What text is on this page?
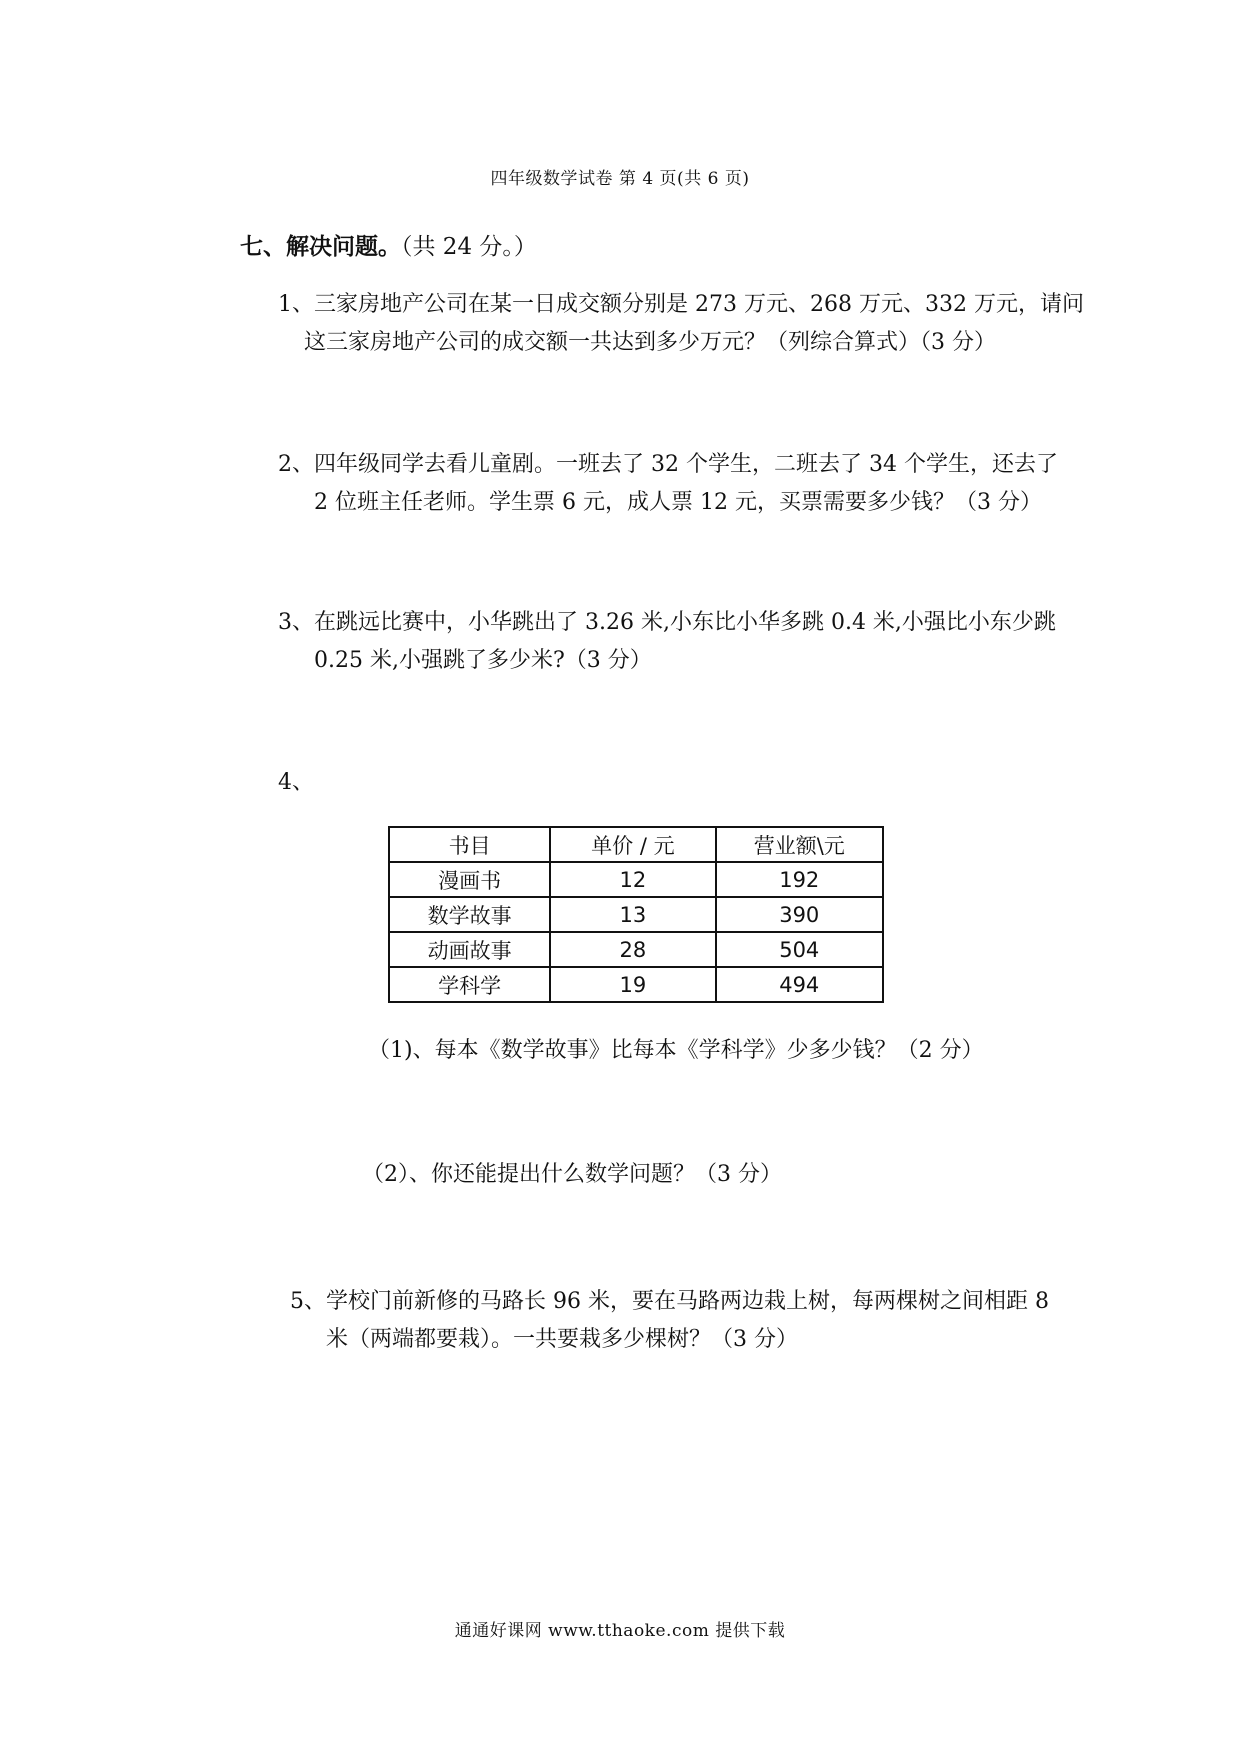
四年级数学试卷 第 4 页(共 6 页)
七、解决问题。（共 24 分。）
1、三家房地产公司在某一日成交额分别是 273 万元、268 万元、332 万元，请问
这三家房地产公司的成交额一共达到多少万元？（列综合算式）（3 分）
2、四年级同学去看儿童剧。一班去了 32 个学生，二班去了 34 个学生，还去了
2 位班主任老师。学生票 6 元，成人票 12 元，买票需要多少钱？（3 分）
3、在跳远比赛中，小华跳出了 3.26 米,小东比小华多跳 0.4 米,小强比小东少跳
0.25 米,小强跳了多少米?（3 分）
4、
书目	单价 / 元	营业额\元
漫画书	12	192
数学故事	13	390
动画故事	28	504
学科学	19	494
（1)、每本《数学故事》比每本《学科学》少多少钱？（2 分）
（2）、你还能提出什么数学问题？（3 分）
5、学校门前新修的马路长 96 米，要在马路两边栽上树，每两棵树之间相距 8
米（两端都要栽）。一共要栽多少棵树？（3 分）
通通好课网 www.tthaoke.com 提供下载
